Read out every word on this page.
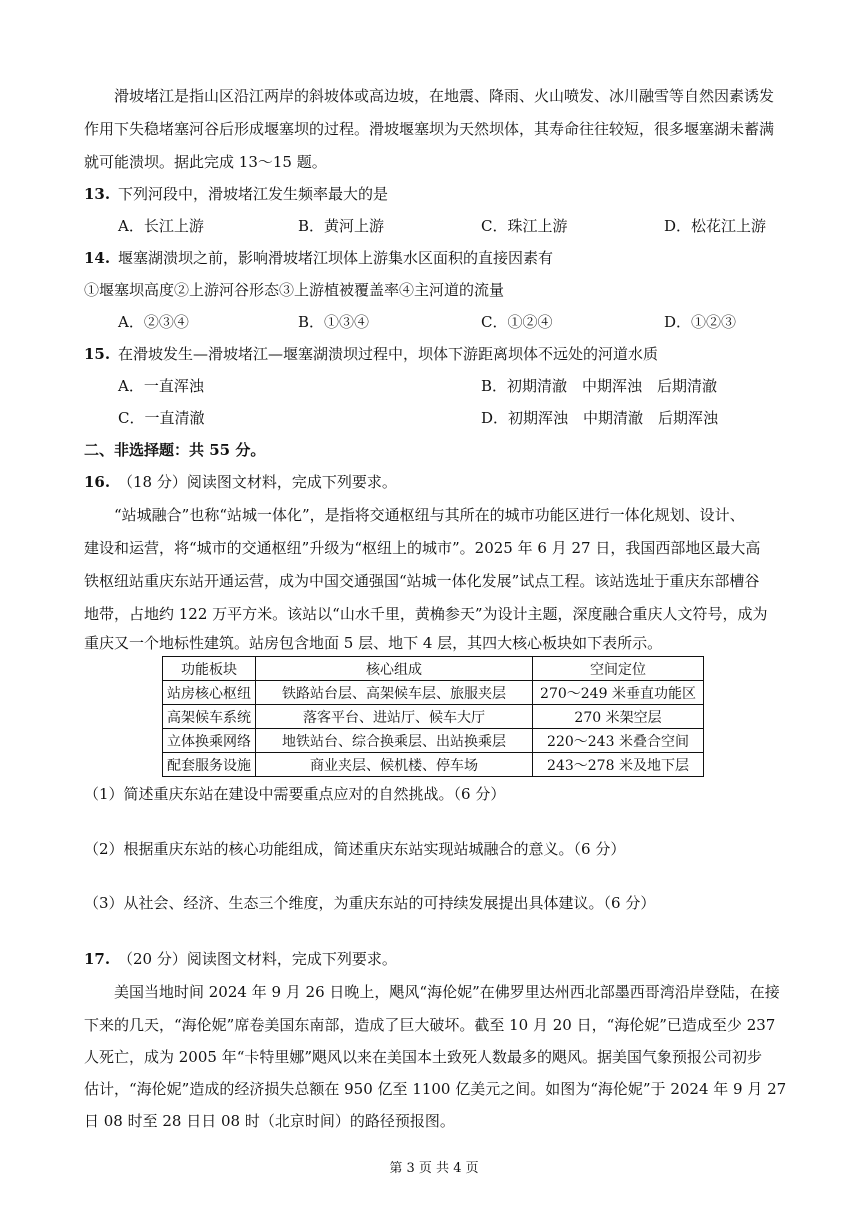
滑坡堵江是指山区沿江两岸的斜坡体或高边坡，在地震、降雨、火山喷发、冰川融雪等自然因素诱发
作用下失稳堵塞河谷后形成堰塞坝的过程。滑坡堰塞坝为天然坝体，其寿命往往较短，很多堰塞湖未蓄满
就可能溃坝。据此完成 13～15 题。
13. 下列河段中，滑坡堵江发生频率最大的是
A．长江上游	B．黄河上游	C．珠江上游	D．松花江上游
14. 堰塞湖溃坝之前，影响滑坡堵江坝体上游集水区面积的直接因素有
①堰塞坝高度②上游河谷形态③上游植被覆盖率④主河道的流量
A．②③④	B．①③④	C．①②④	D．①②③
15. 在滑坡发生—滑坡堵江—堰塞湖溃坝过程中，坝体下游距离坝体不远处的河道水质
A．一直浑浊	B．初期清澈　中期浑浊　后期清澈
C．一直清澈	D．初期浑浊　中期清澈　后期浑浊
二、非选择题：共 55 分。
16. （18 分）阅读图文材料，完成下列要求。
“站城融合”也称“站城一体化”，是指将交通枢纽与其所在的城市功能区进行一体化规划、设计、
建设和运营，将“城市的交通枢纽”升级为“枢纽上的城市”。2025 年 6 月 27 日，我国西部地区最大高
铁枢纽站重庆东站开通运营，成为中国交通强国“站城一体化发展”试点工程。该站选址于重庆东部槽谷
地带，占地约 122 万平方米。该站以“山水千里，黄桷参天”为设计主题，深度融合重庆人文符号，成为
重庆又一个地标性建筑。站房包含地面 5 层、地下 4 层，其四大核心板块如下表所示。
功能板块	核心组成	空间定位
站房核心枢纽	铁路站台层、高架候车层、旅服夹层	270～249 米垂直功能区
高架候车系统	落客平台、进站厅、候车大厅	270 米架空层
立体换乘网络	地铁站台、综合换乘层、出站换乘层	220～243 米叠合空间
配套服务设施	商业夹层、候机楼、停车场	243～278 米及地下层
（1）简述重庆东站在建设中需要重点应对的自然挑战。（6 分）
（2）根据重庆东站的核心功能组成，简述重庆东站实现站城融合的意义。（6 分）
（3）从社会、经济、生态三个维度，为重庆东站的可持续发展提出具体建议。（6 分）
17. （20 分）阅读图文材料，完成下列要求。
美国当地时间 2024 年 9 月 26 日晚上，飓风“海伦妮”在佛罗里达州西北部墨西哥湾沿岸登陆，在接
下来的几天，“海伦妮”席卷美国东南部，造成了巨大破坏。截至 10 月 20 日，“海伦妮”已造成至少 237
人死亡，成为 2005 年“卡特里娜”飓风以来在美国本土致死人数最多的飓风。据美国气象预报公司初步
估计，“海伦妮”造成的经济损失总额在 950 亿至 1100 亿美元之间。如图为“海伦妮”于 2024 年 9 月 27
日 08 时至 28 日日 08 时（北京时间）的路径预报图。
第 3 页 共 4 页
